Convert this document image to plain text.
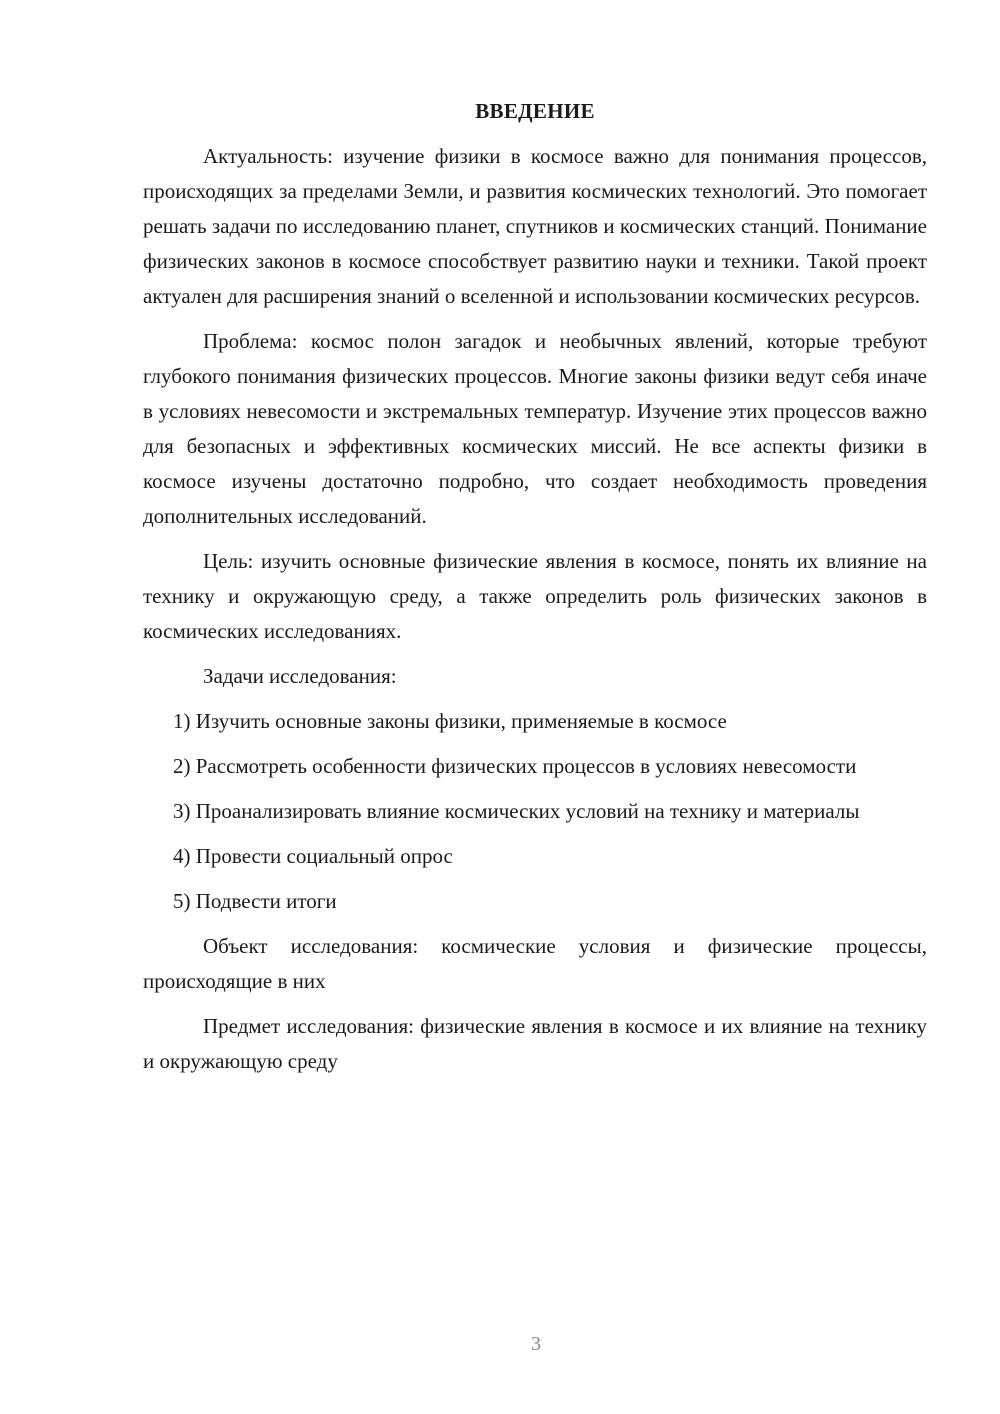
ВВЕДЕНИЕ
Актуальность: изучение физики в космосе важно для понимания процессов, происходящих за пределами Земли, и развития космических технологий. Это помогает решать задачи по исследованию планет, спутников и космических станций. Понимание физических законов в космосе способствует развитию науки и техники. Такой проект актуален для расширения знаний о вселенной и использовании космических ресурсов.
Проблема: космос полон загадок и необычных явлений, которые требуют глубокого понимания физических процессов. Многие законы физики ведут себя иначе в условиях невесомости и экстремальных температур. Изучение этих процессов важно для безопасных и эффективных космических миссий. Не все аспекты физики в космосе изучены достаточно подробно, что создает необходимость проведения дополнительных исследований.
Цель: изучить основные физические явления в космосе, понять их влияние на технику и окружающую среду, а также определить роль физических законов в космических исследованиях.
Задачи исследования:
1) Изучить основные законы физики, применяемые в космосе
2) Рассмотреть особенности физических процессов в условиях невесомости
3) Проанализировать влияние космических условий на технику и материалы
4) Провести социальный опрос
5) Подвести итоги
Объект исследования: космические условия и физические процессы, происходящие в них
Предмет исследования: физические явления в космосе и их влияние на технику и окружающую среду
3
